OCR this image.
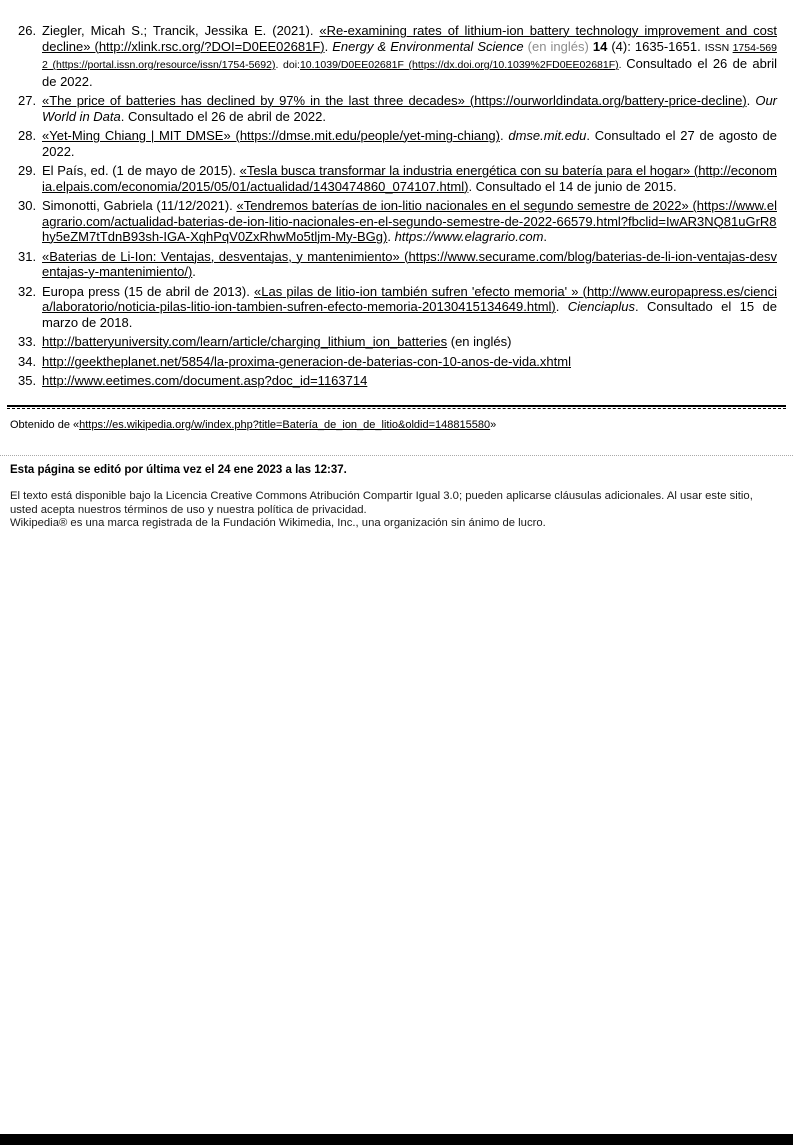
26. Ziegler, Micah S.; Trancik, Jessika E. (2021). «Re-examining rates of lithium-ion battery technology improvement and cost decline» (http://xlink.rsc.org/?DOI=D0EE02681F). Energy & Environmental Science (en inglés) 14 (4): 1635-1651. ISSN 1754-5692 (https://portal.issn.org/resource/issn/1754-5692). doi:10.1039/D0EE02681F (https://dx.doi.org/10.1039%2FD0EE02681F). Consultado el 26 de abril de 2022.
27. «The price of batteries has declined by 97% in the last three decades» (https://ourworldindata.org/battery-price-decline). Our World in Data. Consultado el 26 de abril de 2022.
28. «Yet-Ming Chiang | MIT DMSE» (https://dmse.mit.edu/people/yet-ming-chiang). dmse.mit.edu. Consultado el 27 de agosto de 2022.
29. El País, ed. (1 de mayo de 2015). «Tesla busca transformar la industria energética con su batería para el hogar» (http://economia.elpais.com/economia/2015/05/01/actualidad/1430474860_074107.html). Consultado el 14 de junio de 2015.
30. Simonotti, Gabriela (11/12/2021). «Tendremos baterías de ion-litio nacionales en el segundo semestre de 2022» (https://www.elagrario.com/actualidad-baterias-de-ion-litio-nacionales-en-el-segundo-semestre-de-2022-66579.html?fbclid=IwAR3NQ81uGrR8hy5eZM7tTdnB93sh-IGA-XqhPqV0ZxRhwMo5tljm-My-BGg). https://www.elagrario.com.
31. «Baterias de Li-Ion: Ventajas, desventajas, y mantenimiento» (https://www.securame.com/blog/baterias-de-li-ion-ventajas-desventajas-y-mantenimiento/).
32. Europa press (15 de abril de 2013). «Las pilas de litio-ion también sufren 'efecto memoria' » (http://www.europapress.es/ciencia/laboratorio/noticia-pilas-litio-ion-tambien-sufren-efecto-memoria-20130415134649.html). Cienciaplus. Consultado el 15 de marzo de 2018.
33. http://batteryuniversity.com/learn/article/charging_lithium_ion_batteries (en inglés)
34. http://geektheplanet.net/5854/la-proxima-generacion-de-baterias-con-10-anos-de-vida.xhtml
35. http://www.eetimes.com/document.asp?doc_id=1163714

Obtenido de «https://es.wikipedia.org/w/index.php?title=Batería_de_ion_de_litio&oldid=148815580»

Esta página se editó por última vez el 24 ene 2023 a las 12:37.

El texto está disponible bajo la Licencia Creative Commons Atribución Compartir Igual 3.0; pueden aplicarse cláusulas adicionales. Al usar este sitio, usted acepta nuestros términos de uso y nuestra política de privacidad.
Wikipedia® es una marca registrada de la Fundación Wikimedia, Inc., una organización sin ánimo de lucro.
